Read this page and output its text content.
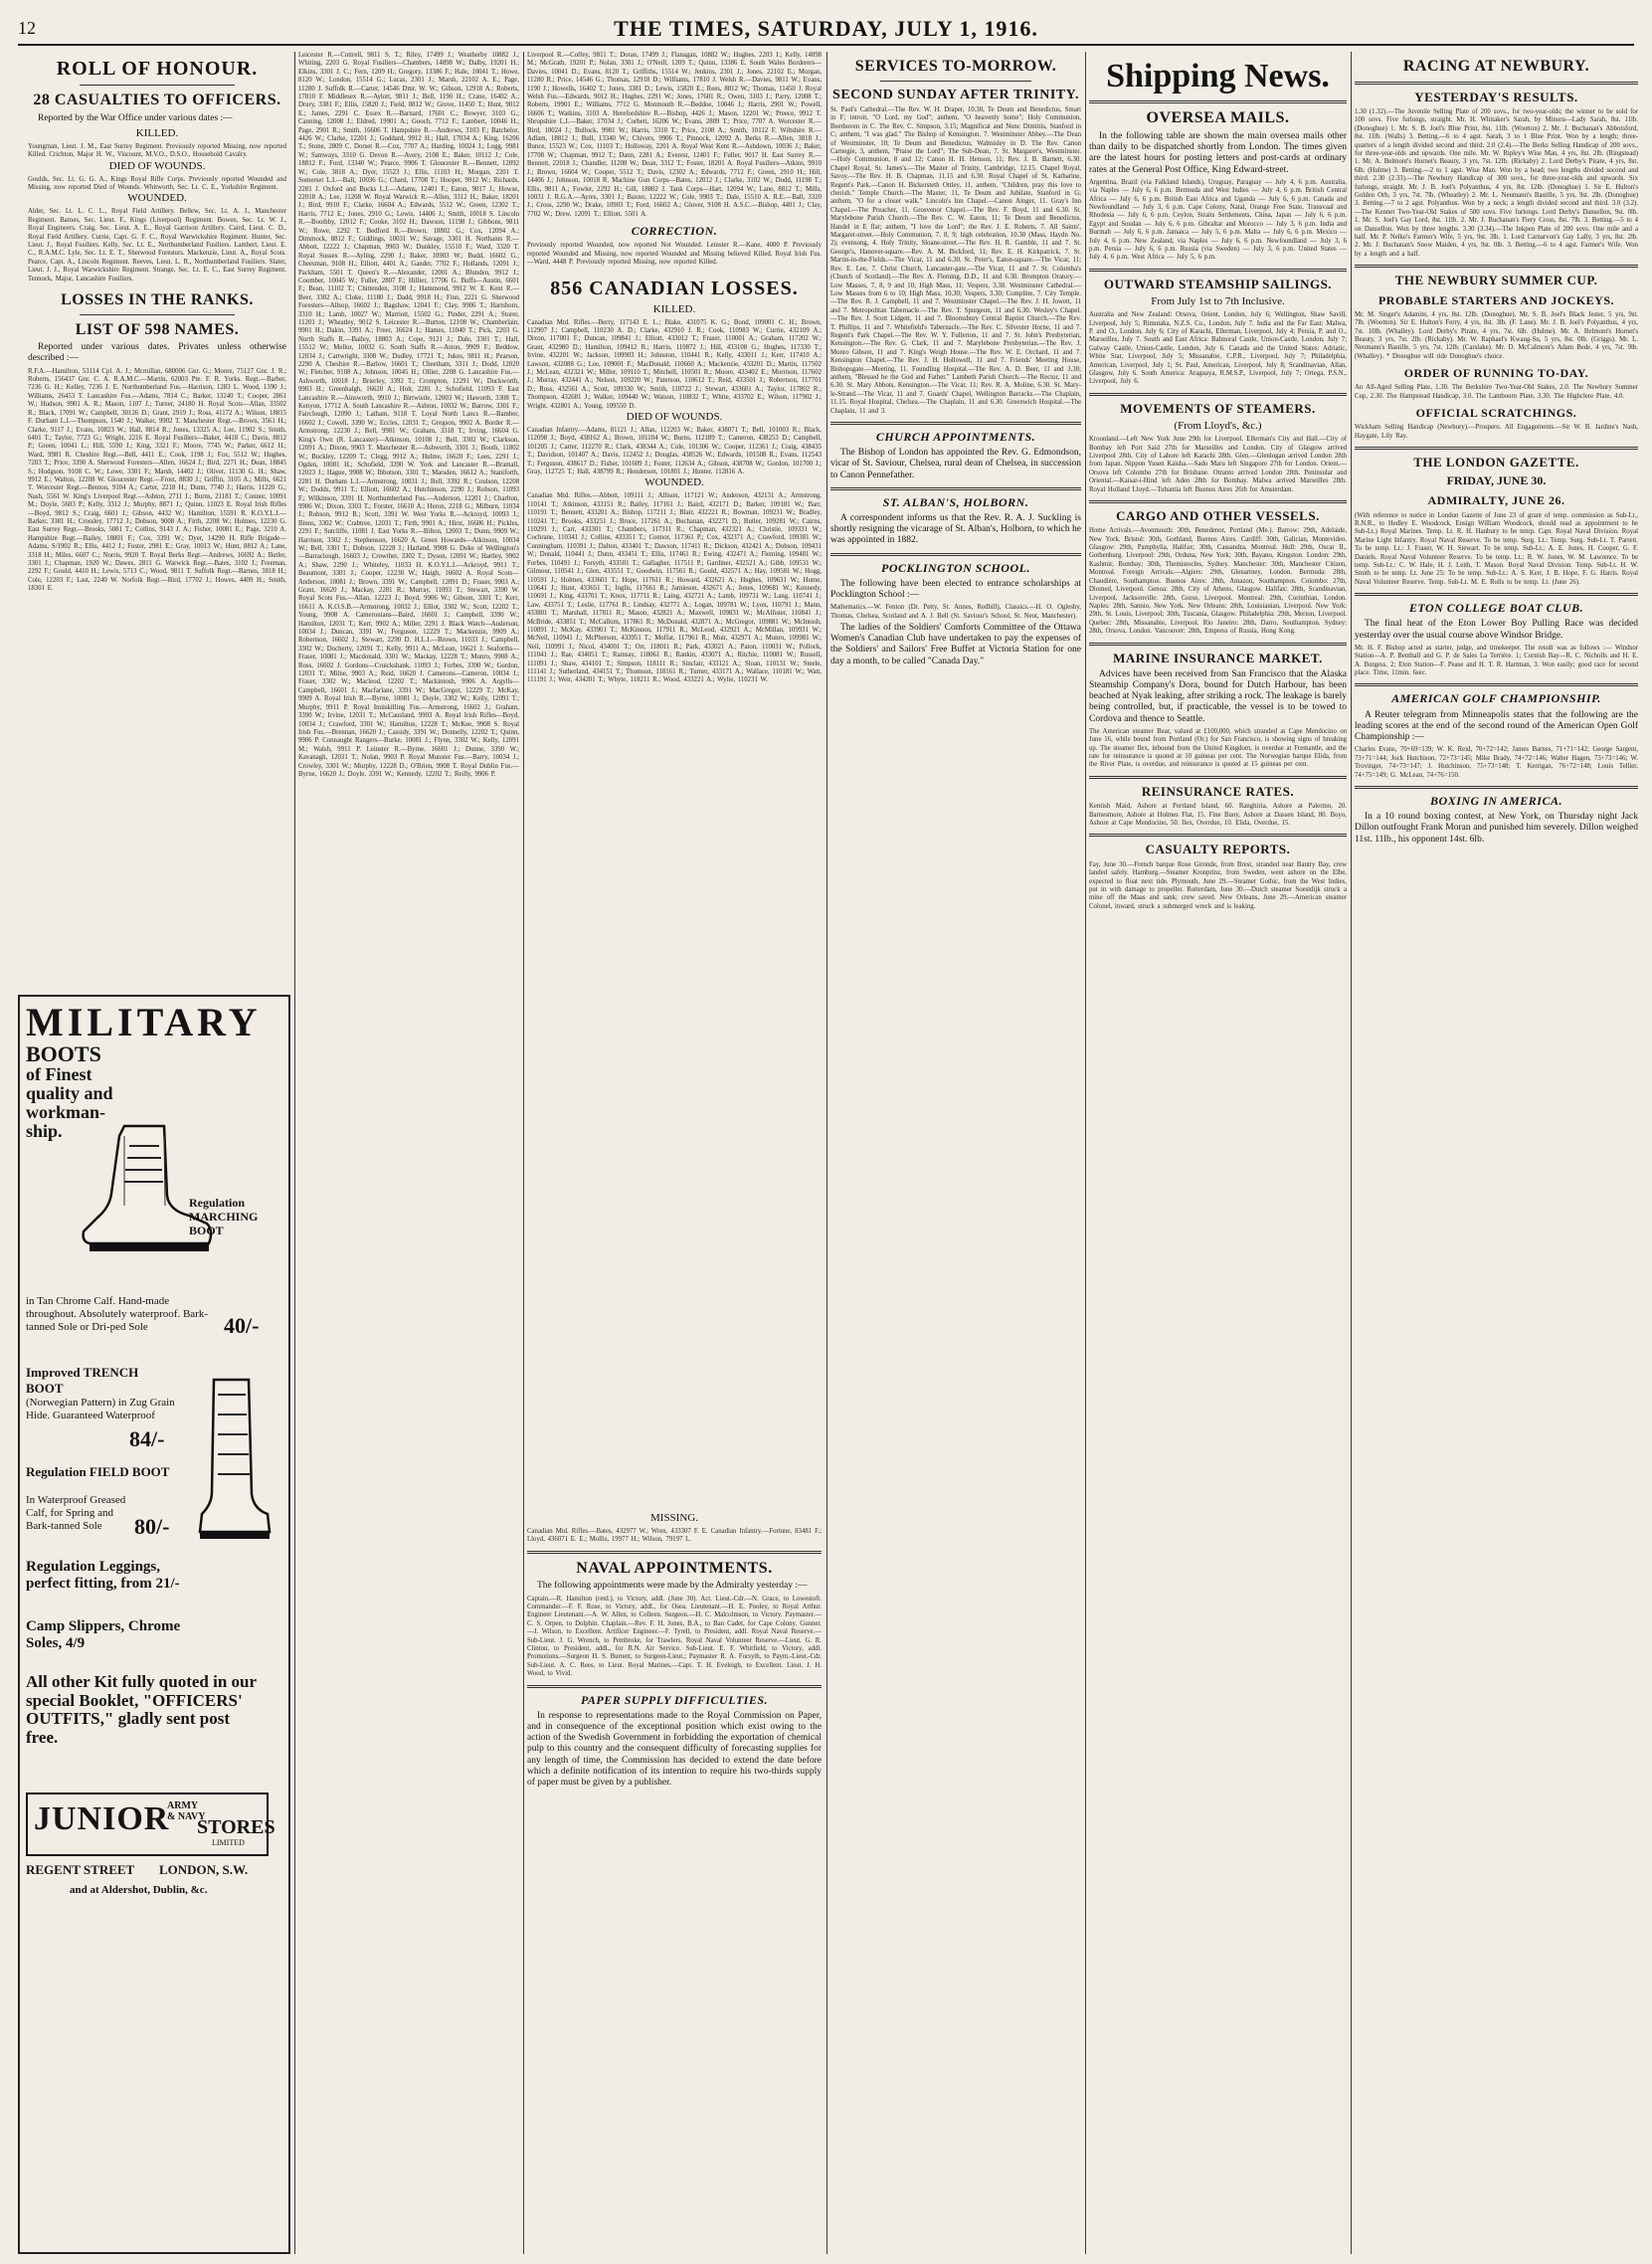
12	THE TIMES, SATURDAY, JULY 1, 1916.
ROLL OF HONOUR.
28 CASUALTIES TO OFFICERS.

Reported by the War Office under various dates :—

KILLED.

Youngman, Lieut. J. M., East Surrey Regiment. Previously reported Missing, now reported Killed. Crichton, Major H. W., Viscount, M.V.O., D.S.O., Household Cavalry.

DIED OF WOUNDS.

Goulds, Sec. Lt. G. G. A., Kings Royal Rifle Corps. Previously reported Wounded and Missing, now reported Died of Wounds. Whitworth, Sec. Lt. C. E., Yorkshire Regiment.

WOUNDED.

Alder, Sec. Lt. L. C. L., Royal Field Artillery. Bellew, Sec. Lt. A. J., Manchester Regiment. Barnes, Sec. Lieut. F., Kings (Liverpool) Regiment. Bowen, Sec. Lt. W. J., Royal Engineers. Craig, Sec. Lieut. A. E., Royal Garrison Artillery. Caird, Lieut. C. D., Royal Field Artillery. Currie, Capt. G. F. C., Royal Warwickshire Regiment. Hunter, Sec. Lieut. J., Royal Fusiliers. Kelly, Sec. Lt. E., Northumberland Fusiliers. Lambert, Lieut. E. C., R.A.M.C. Lyle, Sec. Lt. E. T., Sherwood Foresters. Mackenzie, Lieut. A., Royal Scots. Pearce, Capt. A., Lincoln Regiment. Reeves, Lieut. L. R., Northumberland Fusiliers. Slater, Lieut. J. J., Royal Warwickshire Regiment. Strange, Sec. Lt. E. C., East Surrey Regiment. Tennock, Major, Lancashire Fusiliers.

LOSSES IN THE RANKS.
LIST OF 598 NAMES.

Reported under various dates. Privates unless otherwise described :—

R.F.A.—Hamilton, 53114 Cpl. A. J.; Mcmillan, 680006 Gnr. G.; Moore, 75127 Gnr. J. R.; Roberts, 156437 Gnr. C. A. R.A.M.C.—Martin, 62003 Pte. F. R. Yorks. Regt.—Barber, 7236 G. H.; Kelley, 7236 J. E. Northumberland Fus.—Harrison, 1283 L. Wood, 1390 J.; Williams, 26453 T. Lancashire Fus.—Adams, 7814 C.; Barker, 13240 T.; Cooper, 2861 W.; Hudson, 9901 A. R.; Mason, 1107 J.; Turner, 24180 H. Royal Scots—Allan, 33502 R.; Black, 17091 W.; Campbell, 30126 D.; Grant, 2919 J.; Ross, 41172 A.; Wilson, 18815 F. Durham L.I.—Thompson, 1540 J.; Walker, 9902 T. Manchester Regt.—Brown, 3561 H.; Clarke, 9117 J.; Evans, 10823 W.; Hall, 8814 R.; Jones, 13325 A.; Lee, 11902 S.; Smith, 6401 T.; Taylor, 7723 G.; Wright, 2216 E. Royal Fusiliers—Baker, 4418 C.; Davis, 8812 P.; Green, 10041 L.; Hill, 5590 J.; King, 3321 F.; Moore, 7745 W.; Parker, 6612 H.; Ward, 9981 R. Cheshire Regt.—Bell, 4411 E.; Cook, 1198 J.; Fox, 5512 W.; Hughes, 7203 T.; Price, 3390 A. Sherwood Foresters—Allen, 16624 J.; Bird, 2271 H.; Dean, 18845 S.; Hodgson, 9108 C. W.; Lowe, 3301 F.; Marsh, 14402 J.; Oliver, 11130 G. H.; Shaw, 9912 E.; Walton, 12208 W. Gloucester Regt.—Frost, 8830 J.; Griffin, 3105 A.; Mills, 6621 T. Worcester Regt.—Benton, 9104 A.; Carter, 2218 H.; Dunn, 7740 J.; Harris, 11220 G.; Nash, 5561 W. King's Liverpool Regt.—Ashton, 2711 J.; Burns, 21181 T.; Connor, 10091 M.; Doyle, 5603 P.; Kelly, 3312 J.; Murphy, 8871 J.; Quinn, 11023 E. Royal Irish Rifles—Boyd, 9812 S.; Craig, 6601 J.; Gibson, 4432 W.; Hamilton, 15591 R. K.O.Y.L.I.—Barker, 3381 H.; Crossley, 17712 J.; Dobson, 9008 A.; Firth, 2208 W.; Holmes, 12230 G. East Surrey Regt.—Brooks, 5081 T.; Collins, 9143 J. A.; Fisher, 10081 E.; Page, 3210 A. Hampshire Regt.—Bailey, 18801 F.; Cox, 3391 W.; Dyer, 14290 H. Rifle Brigade—Adams, S/1902 R.; Ellis, 4412 J.; Foster, 2981 E.; Gray, 10013 W.; Hunt, 8812 A.; Lane, 3318 H.; Miles, 6607 C.; Norris, 9920 T. Royal Berks Regt.—Andrews, 16692 A.; Butler, 3301 J.; Chapman, 1920 W.; Dawes, 2811 G. Warwick Regt.—Bates, 3102 J.; Freeman, 2292 F.; Gould, 4410 H.; Lewis, 5713 C.; Wood, 9811 T. Suffolk Regt.—Barnes, 3818 H.; Cole, 12203 F.; Last, 2240 W. Norfolk Regt.—Bird, 17702 J.; Howes, 4409 H.; Smith, 18301 E.

MILITARY
BOOTS
of Finest
quality and
workman-
ship.
Regulation MARCHING BOOT
in Tan Chrome Calf. Hand-made throughout. Absolutely waterproof. Bark-tanned Sole or Dri-ped Sole	40/-
Improved TRENCH BOOT
(Norwegian Pattern) in Zug Grain Hide. Guaranteed Waterproof
84/-
Regulation FIELD BOOT
In Waterproof Greased Calf, for Spring and Bark-tanned Sole	80/-
Regulation Leggings, perfect fitting, from 21/-
Camp Slippers, Chrome Soles, 4/9
All other Kit fully quoted in our special Booklet, "OFFICERS' OUTFITS," gladly sent post free.
JUNIOR
ARMY & NAVY
STORES
LIMITED
REGENT STREET LONDON, S.W.
and at Aldershot, Dublin, &c.

Leicester R.—Cottrell, 9811 S. T.; Riley, 17499 J.; Weatherby 10882 J.; Whiting, 2203 G. Royal Fusiliers—Chambers, 14898 W.; Dalby, 19201 H.; Elkins, 3301 J. C.; Fern, 1209 H.; Gregory, 13386 F.; Hale, 10041 T.; Howe, 8120 W.; London, 15514 G.; Lucas, 2301 J.; Marsh, 22102 A. E.; Page, 11280 J. Suffolk R.—Carter, 14546 Dmr. W. W.; Gibson, 12918 A.; Roberts, 17810 F. Middlesex R.—Aylott, 9811 J.; Bell, 1190 H.; Crane, 16402 A.; Drury, 3381 F.; Ellis, 15820 J.; Field, 8812 W.; Grove, 11450 T.; Hunt, 9012 E.; James, 2291 C. Essex R.—Barnard, 17601 C.; Bowyer, 3103 G.; Canning, 12008 J.; Eldred, 19901 A.; Gooch, 7712 F.; Lambert, 10046 H.; Page, 2901 R.; Smith, 16606 T. Hampshire R.—Andrews, 3103 F.; Batchelor, 4426 W.; Clarke, 12201 J.; Goddard, 9912 H.; Hall, 17034 A.; King, 16206 T.; Stone, 2809 C. Dorset R.—Cox, 7707 A.; Harding, 10024 J.; Legg, 9981 W.; Samways, 3310 G. Devon R.—Avery, 2108 E.; Baker, 10112 J.; Cole, 18812 F.; Ford, 13340 W.; Pearce, 9906 T. Gloucester R.—Bennett, 12092 W.; Cole, 3818 A.; Dyer, 15523 J.; Ellis, 11103 H.; Morgan, 2201 T. Somerset L.I.—Ball, 10036 G.; Chard, 17708 T.; Hooper, 9912 W.; Richards, 2281 J. Oxford and Bucks L.I.—Adams, 12401 F.; Eaton, 9017 J.; Howse, 22018 A.; Lee, 11208 W. Royal Warwick R.—Allen, 3312 H.; Baker, 18201 J.; Bird, 9910 F.; Clarke, 16604 A.; Edwards, 5512 W.; Green, 12302 T.; Harris, 7712 E.; Jones, 2910 G.; Lewis, 14406 J.; Smith, 10018 S. Lincoln R.—Boothby, 12012 F.; Cooke, 3102 H.; Dawson, 11198 J.; Gibbons, 9811 W.; Rowe, 2292 T. Bedford R.—Brown, 18802 G.; Cox, 12094 A.; Dimmock, 8812 F.; Giddings, 10031 W.; Savage, 3301 H. Northants R.—Abbott, 12222 J.; Chapman, 9903 W.; Dunkley, 15510 F.; Ward, 3320 T. Royal Sussex R.—Ayling, 2290 J.; Baker, 10903 W.; Budd, 16602 G.; Cheesman, 9108 H.; Elliott, 4401 A.; Gander, 7702 F.; Hollands, 12091 J.; Packham, 5501 T. Queen's R.—Alexander, 12001 A.; Blunden, 9912 J.; Coomber, 10045 W.; Fuller, 2807 F.; Hillier, 17706 G. Buffs—Austin, 6601 F.; Bean, 11102 T.; Chittenden, 3108 J.; Hammond, 9912 W. E. Kent R.—Beer, 3302 A.; Cloke, 11180 J.; Dadd, 9918 H.; Finn, 2221 G. Sherwood Foresters—Allsop, 16602 J.; Bagshaw, 12041 F.; Clay, 9906 T.; Hartshorn, 3310 H.; Lamb, 10027 W.; Marriott, 15502 G.; Pinder, 2291 A.; Storer, 11201 J.; Wheatley, 9012 S. Leicester R.—Burton, 12108 W.; Chamberlain, 9901 H.; Dakin, 3391 A.; Freer, 16624 J.; Hames, 11040 T.; Pick, 2203 G. North Staffs R.—Bailey, 18803 A.; Cope, 9121 J.; Dale, 3301 T.; Hall, 15512 W.; Mellor, 10032 G. South Staffs R.—Aston, 9909 F.; Beddow, 12034 J.; Cartwright, 3308 W.; Dudley, 17721 T.; Jukes, 9811 H.; Pearson, 2290 A. Cheshire R.—Barlow, 16601 T.; Cheetham, 3311 J.; Dodd, 12020 W.; Fletcher, 9108 A.; Johnson, 10045 H.; Ollier, 2208 G. Lancashire Fus.—Ashworth, 10018 J.; Brierley, 3392 T.; Crompton, 12291 W.; Duckworth, 9903 H.; Greenhalgh, 16620 A.; Holt, 2281 J.; Schofield, 11093 F. East Lancashire R.—Ainsworth, 9910 J.; Birtwistle, 12003 W.; Haworth, 3308 T.; Kenyon, 17712 A. South Lancashire R.—Ashton, 10032 W.; Barrow, 3301 F.; Fairclough, 12090 J.; Latham, 9118 T. Loyal North Lancs R.—Bamber, 16602 J.; Cowell, 3390 W.; Eccles, 12031 T.; Gregson, 9902 A. Border R.—Armstrong, 12230 J.; Bell, 9901 W.; Graham, 3318 T.; Irving, 16604 G. King's Own (R. Lancaster)—Atkinson, 10108 J.; Bell, 3302 W.; Clarkson, 12091 A.; Dixon, 9903 T. Manchester R.—Ashworth, 3301 J.; Booth, 11802 W.; Buckley, 12209 T.; Clegg, 9912 A.; Hulme, 16620 F.; Lees, 2291 J.; Ogden, 10081 H.; Schofield, 3390 W. York and Lancaster R.—Bramall, 12023 J.; Hague, 9908 W.; Ibbotson, 3301 T.; Marsden, 16612 A.; Staniforth, 2281 H. Durham L.I.—Armstrong, 10031 J.; Bell, 3392 R.; Coulson, 12208 W.; Dodds, 9911 T.; Elliott, 16602 A.; Hutchinson, 2290 J.; Robson, 11093 F.; Wilkinson, 3391 H. Northumberland Fus.—Anderson, 12201 J.; Charlton, 9906 W.; Dixon, 3303 T.; Forster, 16610 A.; Heron, 2218 G.; Milburn, 11034 J.; Robson, 9912 R.; Scott, 3391 W. West Yorks R.—Ackroyd, 10093 J.; Binns, 3302 W.; Crabtree, 12031 T.; Firth, 9901 A.; Hirst, 16606 H.; Pickles, 2291 F.; Sutcliffe, 11081 J. East Yorks R.—Bilton, 12003 T.; Dunn, 9909 W.; Harrison, 3302 J.; Stephenson, 16620 A. Green Howards—Atkinson, 10034 W.; Bell, 3301 T.; Dobson, 12228 J.; Harland, 9908 G. Duke of Wellington's—Barraclough, 16603 J.; Crowther, 3302 T.; Dyson, 12091 W.; Hartley, 9902 A.; Shaw, 2290 J.; Whiteley, 11033 H. K.O.Y.L.I.—Ackroyd, 9911 T.; Beaumont, 3301 J.; Cooper, 12230 W.; Haigh, 16602 A. Royal Scots—Anderson, 10081 J.; Brown, 3391 W.; Campbell, 12091 D.; Fraser, 9903 A.; Grant, 16620 J.; Mackay, 2281 R.; Murray, 11093 T.; Stewart, 3390 W. Royal Scots Fus.—Allan, 12223 J.; Boyd, 9906 W.; Gibson, 3301 T.; Kerr, 16611 A. K.O.S.B.—Armstrong, 10032 J.; Elliot, 3302 W.; Scott, 12202 T.; Young, 9908 A. Cameronians—Baird, 16601 J.; Campbell, 3390 W.; Hamilton, 12031 T.; Kerr, 9902 A.; Miller, 2291 J. Black Watch—Anderson, 10034 J.; Duncan, 3391 W.; Ferguson, 12229 T.; Mackenzie, 9909 A.; Robertson, 16602 J.; Stewart, 2290 D. H.L.I.—Brown, 11033 J.; Campbell, 3302 W.; Docherty, 12091 T.; Kelly, 9911 A.; McLean, 16621 J. Seaforths—Fraser, 10081 J.; Macdonald, 3301 W.; Mackay, 12228 T.; Munro, 9908 A.; Ross, 16602 J. Gordons—Cruickshank, 11093 J.; Forbes, 3390 W.; Gordon, 12031 T.; Milne, 9903 A.; Reid, 16620 J. Camerons—Cameron, 10034 J.; Fraser, 3302 W.; Macleod, 12202 T.; Mackintosh, 9906 A. Argylls—Campbell, 16601 J.; Macfarlane, 3391 W.; MacGregor, 12229 T.; McKay, 9909 A. Royal Irish R.—Byrne, 10081 J.; Doyle, 3302 W.; Kelly, 12091 T.; Murphy, 9911 P. Royal Inniskilling Fus.—Armstrong, 16602 J.; Graham, 3390 W.; Irvine, 12031 T.; McCausland, 9903 A. Royal Irish Rifles—Boyd, 10034 J.; Crawford, 3301 W.; Hamilton, 12228 T.; McKee, 9908 S. Royal Irish Fus.—Brennan, 16620 J.; Cassidy, 3391 W.; Donnelly, 12202 T.; Quinn, 9906 P. Connaught Rangers—Burke, 10081 J.; Flynn, 3302 W.; Kelly, 12091 M.; Walsh, 9911 P. Leinster R.—Byrne, 16601 J.; Dunne, 3390 W.; Kavanagh, 12031 T.; Nolan, 9903 P. Royal Munster Fus.—Barry, 10034 J.; Crowley, 3301 W.; Murphy, 12228 D.; O'Brien, 9908 T. Royal Dublin Fus.—Byrne, 16620 J.; Doyle, 3391 W.; Kennedy, 12202 T.; Reilly, 9906 P.

Liverpool R.—Coffey, 9811 T.; Doran, 17499 J.; Flanagan, 10882 W.; Hughes, 2203 J.; Kelly, 14898 M.; McGrath, 19201 P.; Nolan, 3301 J.; O'Neill, 1209 T.; Quinn, 13386 E. South Wales Borderers—Davies, 10041 D.; Evans, 8120 T.; Griffiths, 15514 W.; Jenkins, 2301 J.; Jones, 22102 E.; Morgan, 11280 R.; Price, 14546 G.; Thomas, 12918 D.; Williams, 17810 J. Welsh R.—Davies, 9811 W.; Evans, 1190 J.; Howells, 16402 T.; Jones, 3381 D.; Lewis, 15820 E.; Rees, 8812 W.; Thomas, 11450 J. Royal Welsh Fus.—Edwards, 9012 H.; Hughes, 2291 W.; Jones, 17601 R.; Owen, 3103 J.; Parry, 12008 T.; Roberts, 19901 E.; Williams, 7712 G. Monmouth R.—Beddoe, 10046 J.; Harris, 2901 W.; Powell, 16606 T.; Watkins, 3103 A. Herefordshire R.—Bishop, 4426 J.; Mason, 12201 W.; Preece, 9912 T. Shropshire L.I.—Baker, 17034 J.; Corbett, 16206 W.; Evans, 2809 T.; Price, 7707 A. Worcester R.—Bird, 10024 J.; Bullock, 9981 W.; Harris, 3310 T.; Price, 2108 A.; Smith, 10112 F. Wiltshire R.—Adlam, 18812 J.; Bull, 13340 W.; Chivers, 9906 T.; Pinnock, 12092 A. Berks R.—Allen, 3818 J.; Bunce, 15523 W.; Cox, 11103 T.; Holloway, 2201 A. Royal West Kent R.—Ashdown, 10036 J.; Baker, 17708 W.; Chapman, 9912 T.; Dann, 2281 A.; Everest, 12401 F.; Fuller, 9017 H. East Surrey R.—Bennett, 22018 J.; Chandler, 11208 W.; Dean, 3312 T.; Foster, 18201 A. Royal Fusiliers—Atkins, 9910 J.; Brown, 16604 W.; Cooper, 5512 T.; Davis, 12302 A.; Edwards, 7712 F.; Green, 2910 H.; Hill, 14406 J.; Johnson, 10018 R. Machine Gun Corps—Bates, 12012 J.; Clarke, 3102 W.; Dodd, 11198 T.; Ellis, 9811 A.; Fowler, 2292 H.; Gill, 18802 J. Tank Corps—Hart, 12094 W.; Lane, 8812 T.; Mills, 10031 J. R.G.A.—Ayres, 3301 J.; Baxter, 12222 W.; Cole, 9903 T.; Dale, 15510 A. R.E.—Ball, 3320 J.; Cross, 2290 W.; Drake, 10903 T.; Ford, 16602 A.; Glover, 9108 H. A.S.C.—Bishop, 4401 J.; Clay, 7702 W.; Drew, 12091 T.; Elliott, 5501 A.

CORRECTION.

Previously reported Wounded, now reported Not Wounded. Leinster R.—Kane, 4000 P. Previously reported Wounded and Missing, now reported Wounded and Missing believed Killed. Royal Irish Fus.—Ward, 4448 P. Previously reported Missing, now reported Killed.

856 CANADIAN LOSSES.
KILLED.

Canadian Mtd. Rifles.—Berry, 117143 E. L.; Blake, 431075 K. G.; Bond, 109001 C. H.; Brown, 112907 J.; Campbell, 110230 A. D.; Clarke, 432910 J. R.; Cook, 110983 W.; Currie, 432109 A.; Dixon, 117001 F.; Duncan, 109841 J.; Elliott, 433012 T.; Fraser, 110001 A.; Graham, 117202 W.; Grant, 432980 D.; Hamilton, 109412 R.; Harris, 110872 J.; Hill, 433108 G.; Hughes, 117330 T.; Irvine, 432201 W.; Jackson, 109903 H.; Johnston, 110441 R.; Kelly, 433011 J.; Kerr, 117410 A.; Lawson, 432088 G.; Lee, 109001 F.; MacDonald, 110660 A.; Mackenzie, 433201 D.; Martin, 117502 J.; McLean, 432321 W.; Miller, 109110 T.; Mitchell, 110501 R.; Moore, 433402 E.; Morrison, 117602 J.; Murray, 432441 A.; Nelson, 109220 W.; Paterson, 110612 T.; Reid, 433501 J.; Robertson, 117701 D.; Ross, 432561 A.; Scott, 109330 W.; Smith, 110722 J.; Stewart, 433601 A.; Taylor, 117802 R.; Thompson, 432681 J.; Walker, 109440 W.; Watson, 110832 T.; White, 433702 E.; Wilson, 117902 J.; Wright, 432801 A.; Young, 109550 D.

DIED OF WOUNDS.

Canadian Infantry.—Adams, 81121 J.; Allan, 112203 W.; Baker, 438071 T.; Bell, 101003 R.; Black, 112098 J.; Boyd, 438162 A.; Brown, 101104 W.; Burns, 112189 T.; Cameron, 438253 D.; Campbell, 101205 J.; Carter, 112270 R.; Clark, 438344 A.; Cole, 101306 W.; Cooper, 112361 J.; Craig, 438435 T.; Davidson, 101407 A.; Davis, 112452 J.; Douglas, 438526 W.; Edwards, 101508 R.; Evans, 112543 T.; Ferguson, 438617 D.; Fisher, 101609 J.; Foster, 112634 A.; Gibson, 438708 W.; Gordon, 101700 J.; Gray, 112725 T.; Hall, 438799 R.; Henderson, 101801 J.; Hunter, 112816 A.

WOUNDED.

Canadian Mtd. Rifles.—Abbott, 109111 J.; Allison, 117121 W.; Anderson, 432131 A.; Armstrong, 110141 T.; Atkinson, 433151 R.; Bailey, 117161 J.; Baird, 432171 D.; Barker, 109181 W.; Barr, 110191 T.; Bennett, 433201 A.; Bishop, 117211 J.; Blair, 432221 R.; Bowman, 109231 W.; Bradley, 110241 T.; Brooks, 433251 J.; Bruce, 117261 A.; Buchanan, 432271 D.; Butler, 109281 W.; Cairns, 110291 J.; Carr, 433301 T.; Chambers, 117311 R.; Chapman, 432321 A.; Christie, 109331 W.; Cochrane, 110341 J.; Collins, 433351 T.; Connor, 117361 P.; Cox, 432371 A.; Crawford, 109381 W.; Cunningham, 110391 J.; Dalton, 433401 T.; Dawson, 117411 R.; Dickson, 432421 A.; Dobson, 109431 W.; Donald, 110441 J.; Dunn, 433451 T.; Ellis, 117461 R.; Ewing, 432471 A.; Fleming, 109481 W.; Forbes, 110491 J.; Forsyth, 433501 T.; Gallagher, 117511 P.; Gardiner, 432521 A.; Gibb, 109531 W.; Gilmour, 110541 J.; Glen, 433551 T.; Goodwin, 117561 R.; Gould, 432571 A.; Hay, 109581 W.; Hogg, 110591 J.; Holmes, 433601 T.; Hope, 117611 R.; Howard, 432621 A.; Hughes, 109631 W.; Hume, 110641 J.; Hunt, 433651 T.; Inglis, 117661 R.; Jamieson, 432671 A.; Jones, 109681 W.; Kennedy, 110691 J.; King, 433701 T.; Knox, 117711 R.; Laing, 432721 A.; Lamb, 109731 W.; Lang, 110741 J.; Law, 433751 T.; Leslie, 117761 R.; Lindsay, 432771 A.; Logan, 109781 W.; Lyon, 110791 J.; Mann, 433801 T.; Marshall, 117811 R.; Mason, 432821 A.; Maxwell, 109831 W.; McAllister, 110841 J.; McBride, 433851 T.; McCallum, 117861 R.; McDonald, 432871 A.; McGregor, 109881 W.; McIntosh, 110891 J.; McKay, 433901 T.; McKinnon, 117911 R.; McLeod, 432921 A.; McMillan, 109931 W.; McNeil, 110941 J.; McPherson, 433951 T.; Moffat, 117961 R.; Muir, 432971 A.; Munro, 109981 W.; Neil, 110991 J.; Nicol, 434001 T.; Orr, 118011 R.; Park, 433021 A.; Paton, 110031 W.; Pollock, 111041 J.; Rae, 434051 T.; Ramsay, 118061 R.; Rankin, 433071 A.; Ritchie, 110081 W.; Russell, 111091 J.; Shaw, 434101 T.; Simpson, 118111 R.; Sinclair, 433121 A.; Sloan, 110131 W.; Steele, 111141 J.; Sutherland, 434151 T.; Thomson, 118161 R.; Turner, 433171 A.; Wallace, 110181 W.; Watt, 111191 J.; Weir, 434201 T.; Whyte, 118211 R.; Wood, 433221 A.; Wylie, 110231 W.

MISSING.

Canadian Mtd. Rifles.—Bates, 432977 W.; Wren, 433307 F. E. Canadian Infantry.—Fortune, 83481 F.; Lloyd, 436071 E. E.; Mollis, 19977 H.; Wilson, 79197 L.

NAVAL APPOINTMENTS.

The following appointments were made by the Admiralty yesterday :—

Captain.—R. Hamilton (retd.), to Victory, addl. (June 30). Act. Lieut.-Cdr.—N. Grace, to Lowestoft. Commander.—F. F. Rose, to Victory, addl., for Osea. Lieutenant.—H. E. Pooley, to Royal Arthur. Engineer Lieutenant.—A. W. Allen, to Colleen. Surgeon.—H. C. Malcolmson, to Victory. Paymaster.—C. S. Orpen, to Dolphin. Chaplain.—Rev. F. H. Jones, B.A., to Ban Cadet, for Cape Colony. Gunner.—J. Wilson, to Excellent. Artificer Engineer.—F. Tyrell, to President, addl. Royal Naval Reserve.—Sub-Lieut. J. G. Wrench, to Pembroke, for Trawlers. Royal Naval Volunteer Reserve.—Lieut. G. R. Clinton, to President, addl., for R.N. Air Service. Sub-Lieut. E. F. Whitfield, to Victory, addl. Promotions.—Surgeon H. S. Burnett, to Surgeon-Lieut.; Paymaster R. A. Forsyth, to Paym.-Lieut.-Cdr. Sub-Lieut. A. C. Rees, to Lieut. Royal Marines.—Capt. T. H. Eveleigh, to Excellent. Lieut. J. H. Wood, to Vivid.

PAPER SUPPLY DIFFICULTIES.

In response to representations made to the Royal Commission on Paper, and in consequence of the exceptional position which exist owing to the action of the Swedish Government in forbidding the exportation of chemical pulp to this country and the consequent difficulty of forecasting supplies for any length of time, the Commission has decided to extend the date before which a definite notification of its intention to require his two-thirds supply of paper must be given by a publisher.

SERVICES TO-MORROW.
SECOND SUNDAY AFTER TRINITY.

St. Paul's Cathedral.—The Rev. W. H. Draper, 10.30, Te Deum and Benedictus, Smart in F; introit, "O Lord, my God"; anthem, "O heavenly home"; Holy Communion, Beethoven in C. The Rev. C. Simpson, 3.15; Magnificat and Nunc Dimittis, Stanford in C; anthem, "I was glad." The Bishop of Kensington, 7. Westminster Abbey.—The Dean of Westminster, 10; Te Deum and Benedictus, Walmisley in D. The Rev. Canon Carnegie, 3, anthem, "Praise the Lord"; The Sub-Dean, 7. St. Margaret's, Westminster.—Holy Communion, 8 and 12; Canon H. H. Henson, 11; Rev. J. B. Barnett, 6.30. Chapel Royal, St. James's.—The Master of Trinity, Cambridge, 12.15. Chapel Royal, Savoy.—The Rev. H. B. Chapman, 11.15 and 6.30. Royal Chapel of St. Katharine, Regent's Park.—Canon H. Bickersteth Ottley, 11, anthem, "Children, pray this love to cherish." Temple Church.—The Master, 11, Te Deum and Jubilate, Stanford in G; anthem, "O for a closer walk." Lincoln's Inn Chapel.—Canon Ainger, 11. Gray's Inn Chapel.—The Preacher, 11. Grosvenor Chapel.—The Rev. F. Boyd, 11 and 6.30. St. Marylebone Parish Church.—The Rev. C. W. Eaton, 11; Te Deum and Benedictus, Handel in E flat; anthem, "I love the Lord"; the Rev. J. E. Roberts, 7. All Saints', Margaret-street.—Holy Communion, 7, 8, 9; high celebration, 10.30 (Mass, Haydn No. 2); evensong, 4. Holy Trinity, Sloane-street.—The Rev. H. R. Gamble, 11 and 7. St. George's, Hanover-square.—Rev. A. M. Bickford, 11; Rev. E. H. Kirkpatrick, 7. St. Martin-in-the-Fields.—The Vicar, 11 and 6.30. St. Peter's, Eaton-square.—The Vicar, 11; Rev. E. Lee, 7. Christ Church, Lancaster-gate.—The Vicar, 11 and 7. St. Columba's (Church of Scotland).—The Rev. A. Fleming, D.D., 11 and 6.30. Brompton Oratory.—Low Masses, 7, 8, 9 and 10; High Mass, 11; Vespers, 3.30. Westminster Cathedral.—Low Masses from 6 to 10; High Mass, 10.30; Vespers, 3.30; Compline, 7. City Temple.—The Rev. R. J. Campbell, 11 and 7. Westminster Chapel.—The Rev. J. H. Jowett, 11 and 7. Metropolitan Tabernacle.—The Rev. T. Spurgeon, 11 and 6.30. Wesley's Chapel.—The Rev. J. Scott Lidgett, 11 and 7. Bloomsbury Central Baptist Church.—The Rev. T. Phillips, 11 and 7. Whitefield's Tabernacle.—The Rev. C. Silvester Horne, 11 and 7. Regent's Park Chapel.—The Rev. W. Y. Fullerton, 11 and 7. St. John's Presbyterian, Kensington.—The Rev. G. Clark, 11 and 7. Marylebone Presbyterian.—The Rev. J. Monro Gibson, 11 and 7. King's Weigh House.—The Rev. W. E. Orchard, 11 and 7. Kensington Chapel.—The Rev. J. H. Hollowell, 11 and 7. Friends' Meeting House, Bishopsgate.—Meeting, 11. Foundling Hospital.—The Rev. A. D. Beer, 11 and 3.30; anthem, "Blessed be the God and Father." Lambeth Parish Church.—The Rector, 11 and 6.30. St. Mary Abbots, Kensington.—The Vicar, 11; Rev. R. A. Moline, 6.30. St. Mary-le-Strand.—The Vicar, 11 and 7. Guards' Chapel, Wellington Barracks.—The Chaplain, 11.15. Royal Hospital, Chelsea.—The Chaplain, 11 and 6.30. Greenwich Hospital.—The Chaplain, 11 and 3.

CHURCH APPOINTMENTS.

The Bishop of London has appointed the Rev. G. Edmondson, vicar of St. Saviour, Chelsea, rural dean of Chelsea, in succession to Canon Pennefather.

ST. ALBAN'S, HOLBORN.

A correspondent informs us that the Rev. R. A. J. Suckling is shortly resigning the vicarage of St. Alban's, Holborn, to which he was appointed in 1882.

POCKLINGTON SCHOOL.

The following have been elected to entrance scholarships at Pocklington School :—

Mathematics.—W. Fenton (Dr. Petty, St. Annes, Redhill), Classics.—H. O. Oglesby, Thomas, Chelsea, Scotland and A. J. Bell (St. Saviour's School, St. Neot, Manchester).

The ladies of the Soldiers' Comforts Committee of the Ottawa Women's Canadian Club have undertaken to pay the expenses of the Soldiers' and Sailors' Free Buffet at Victoria Station for one day a month, to be called "Canada Day."

Shipping News.
OVERSEA MAILS.

In the following table are shown the main oversea mails other than daily to be dispatched shortly from London. The times given are the latest hours for posting letters and post-cards at ordinary rates at the General Post Office, King Edward-street.

Argentina, Brazil (via Falkland Islands), Uruguay, Paraguay — July 4, 6 p.m. Australia, via Naples — July 6, 6 p.m. Bermuda and West Indies — July 4, 6 p.m. British Central Africa — July 6, 6 p.m. British East Africa and Uganda — July 6, 6 p.m. Canada and Newfoundland — July 3, 6 p.m. Cape Colony, Natal, Orange Free State, Transvaal and Rhodesia — July 6, 6 p.m. Ceylon, Straits Settlements, China, Japan — July 6, 6 p.m. Egypt and Soudan — July 6, 6 p.m. Gibraltar and Morocco — July 3, 6 p.m. India and Burmah — July 6, 6 p.m. Jamaica — July 5, 6 p.m. Malta — July 6, 6 p.m. Mexico — July 4, 6 p.m. New Zealand, via Naples — July 6, 6 p.m. Newfoundland — July 3, 6 p.m. Persia — July 6, 6 p.m. Russia (via Sweden) — July 3, 6 p.m. United States — July 4, 6 p.m. West Africa — July 5, 6 p.m.

OUTWARD STEAMSHIP SAILINGS.
From July 1st to 7th Inclusive.

Australia and New Zealand: Orsova, Orient, London, July 6; Wellington, Shaw Savill, Liverpool, July 5; Rimutaka, N.Z.S. Co., London, July 7. India and the Far East: Malwa, P. and O., London, July 6; City of Karachi, Ellerman, Liverpool, July 4; Persia, P. and O., Marseilles, July 7. South and East Africa: Balmoral Castle, Union-Castle, London, July 7; Galway Castle, Union-Castle, London, July 6. Canada and the United States: Adriatic, White Star, Liverpool, July 5; Missanabie, C.P.R., Liverpool, July 7; Philadelphia, American, Liverpool, July 1; St. Paul, American, Liverpool, July 8; Scandinavian, Allan, Glasgow, July 6. South America: Araguaya, R.M.S.P., Liverpool, July 7; Ortega, P.S.N., Liverpool, July 6.

MOVEMENTS OF STEAMERS.
(From Lloyd's, &c.)

Kroonland.—Left New York June 29th for Liverpool. Ellerman's City and Hall.—City of Bombay left Port Said 27th for Marseilles and London. City of Glasgow arrived Liverpool 28th. City of Lahore left Karachi 28th. Glen.—Glenlogan arrived London 28th from Japan. Nippon Yusen Kaisha.—Sado Maru left Singapore 27th for London. Orient.—Orsova left Colombo 27th for Brisbane. Otranto arrived London 28th. Peninsular and Oriental.—Kaisar-i-Hind left Aden 28th for Bombay. Malwa arrived Marseilles 28th. Royal Holland Lloyd.—Tubantia left Buenos Aires 26th for Amsterdam.

CARGO AND OTHER VESSELS.

Home Arrivals.—Avonmouth: 30th, Benedenor, Portland (Me.). Barrow: 29th, Adelaide, New York. Bristol: 30th, Gothland, Buenos Aires. Cardiff: 30th, Galician, Montevideo. Glasgow: 29th, Pamphylia, Halifax; 30th, Cassandra, Montreal. Hull: 29th, Oscar II., Gothenburg. Liverpool: 29th, Orduna, New York; 30th, Bayano, Kingston. London: 29th, Kashmir, Bombay; 30th, Themistocles, Sydney. Manchester: 30th, Manchester Citizen, Montreal. Foreign Arrivals.—Algiers: 29th, Glenartney, London. Bermuda: 28th, Chaudière, Southampton. Buenos Aires: 28th, Amazon, Southampton. Colombo: 27th, Diomed, Liverpool. Genoa: 28th, City of Athens, Glasgow. Halifax: 28th, Scandinavian, Liverpool. Jacksonville: 28th, Gorse, Liverpool. Montreal: 29th, Corinthian, London. Naples: 28th, Sannio, New York. New Orleans: 28th, Louisianian, Liverpool. New York: 29th, St. Louis, Liverpool; 30th, Tuscania, Glasgow. Philadelphia: 29th, Merion, Liverpool. Quebec: 28th, Missanabie, Liverpool. Rio Janeiro: 28th, Darro, Southampton. Sydney: 28th, Orsova, London. Vancouver: 28th, Empress of Russia, Hong Kong.

MARINE INSURANCE MARKET.

Advices have been received from San Francisco that the Alaska Steamship Company's Dora, bound for Dutch Harbour, has been beached at Nyak leaking, after striking a rock. The leakage is barely being controlled, but, if practicable, the vessel is to be towed to Cordova and thence to Seattle.

The American steamer Bear, valued at £100,000, which stranded at Cape Mendocino on June 16, while bound from Portland (Or.) for San Francisco, is showing signs of breaking up. The steamer Ilex, inbound from the United Kingdom, is overdue at Fremantle, and the rate for reinsurance is quoted at 10 guineas per cent. The Norwegian barque Elida, from the River Plate, is overdue, and reinsurance is quoted at 15 guineas per cent.

REINSURANCE RATES.

Kentish Maid, Ashore at Portland Island, 60. Ranghiria, Ashore at Palermo, 20. Barnesmore, Ashore at Holmes Flat, 15. Fine Buoy, Ashore at Dassen Island, 80. Boyo, Ashore at Cape Mendocino, 50. Ilex, Overdue, 10. Elida, Overdue, 15.

CASUALTY REPORTS.

Fay, June 30.—French barque Rose Gironde, from Brest, stranded near Bantry Bay, crew landed safely. Hamburg.—Steamer Kronprinz, from Sweden, went ashore on the Elbe, expected to float next tide. Plymouth, June 29.—Steamer Gothic, from the West Indies, put in with damage to propeller. Rotterdam, June 30.—Dutch steamer Soestdijk struck a mine off the Maas and sank; crew saved. New Orleans, June 29.—American steamer Colonel, inward, struck a submerged wreck and is leaking.

RACING AT NEWBURY.
YESTERDAY'S RESULTS.

1.30 (1.32).—The Juvenile Selling Plate of 200 sovs., for two-year-olds; the winner to be sold for 100 sovs. Five furlongs, straight. Mr. H. Whitaker's Sarah, by Minoru—Lady Sarah, 8st. 11lb. (Donoghue) 1. Mr. S. B. Joel's Blue Print, 8st. 11lb. (Wootton) 2. Mr. J. Buchanan's Abbotsford, 8st. 11lb. (Walls) 3. Betting.—6 to 4 agst. Sarah, 3 to 1 Blue Print. Won by a length; three-quarters of a length divided second and third. 2.0 (2.4).—The Berks Selling Handicap of 200 sovs., for three-year-olds and upwards. One mile. Mr. W. Ripley's Wise Man, 4 yrs, 8st. 2lb. (Ringstead) 1. Mr. A. Belmont's Hornet's Beauty, 3 yrs, 7st. 12lb. (Rickaby) 2. Lord Derby's Pirate, 4 yrs, 8st. 6lb. (Hulme) 3. Betting.—2 to 1 agst. Wise Man. Won by a head; two lengths divided second and third. 2.30 (2.33).—The Newbury Handicap of 300 sovs., for three-year-olds and upwards. Six furlongs, straight. Mr. J. B. Joel's Polyanthus, 4 yrs, 8st. 12lb. (Donoghue) 1. Sir E. Hulton's Golden Orb, 3 yrs, 7st. 7lb. (Wheatley) 2. Mr. L. Neumann's Bastille, 5 yrs, 9st. 2lb. (Donoghue) 3. Betting.—7 to 2 agst. Polyanthus. Won by a neck; a length divided second and third. 3.0 (3.2).—The Kennet Two-Year-Old Stakes of 500 sovs. Five furlongs. Lord Derby's Dansellon, 9st. 0lb. 1. Mr. S. Joel's Gay Lord, 8st. 11lb. 2. Mr. J. Buchanan's Fiery Cross, 8st. 7lb. 3. Betting.—5 to 4 on Dansellon. Won by three lengths. 3.30 (3.34).—The Inkpen Plate of 200 sovs. One mile and a half. Mr. P. Nelke's Farmer's Wife, 5 yrs, 9st. 3lb. 1. Lord Carnarvon's Gay Lally, 3 yrs, 8st. 2lb. 2. Mr. J. Buchanan's Snow Maiden, 4 yrs, 9st. 0lb. 3. Betting.—6 to 4 agst. Farmer's Wife. Won by a length and a half.

THE NEWBURY SUMMER CUP.
PROBABLE STARTERS AND JOCKEYS.

Mr. M. Singer's Adamite, 4 yrs, 8st. 12lb. (Donoghue). Mr. S. B. Joel's Black Jester, 5 yrs, 9st. 7lb. (Wootton). Sir E. Hulton's Ferry, 4 yrs, 8st. 3lb. (F. Lane). Mr. J. B. Joel's Polyanthus, 4 yrs, 7st. 10lb. (Whalley). Lord Derby's Pirate, 4 yrs, 7st. 6lb. (Hulme). Mr. A. Belmont's Hornet's Beauty, 3 yrs, 7st. 2lb. (Rickaby). Mr. W. Raphael's Kwang-Su, 5 yrs, 8st. 0lb. (Griggs). Mr. L. Neumann's Bastille, 5 yrs, 7st. 12lb. (Carslake). Mr. D. McCalmont's Adam Bede, 4 yrs, 7st. 9lb. (Whalley). * Donoghue will ride Donoghue's choice.

ORDER OF RUNNING TO-DAY.

An All-Aged Selling Plate, 1.30. The Berkshire Two-Year-Old Stakes, 2.0. The Newbury Summer Cup, 2.30. The Hampstead Handicap, 3.0. The Lambourn Plate, 3.30. The Highclere Plate, 4.0.

OFFICIAL SCRATCHINGS.

Wickham Selling Handicap (Newbury).—Prospero. All Engagements.—Sir W. B. Jardine's Nash, Haygate, Lily Ray.

THE LONDON GAZETTE.
FRIDAY, JUNE 30.
ADMIRALTY, JUNE 26.

(With reference to notice in London Gazette of June 23 of grant of temp. commission as Sub-Lt., R.N.R., to Hedley E. Woodcock, Ensign William Woodcock, should read as appointment to be Sub-Lt.) Royal Marines. Temp. Lt. R. H. Hanbury to be temp. Capt. Royal Naval Division. Royal Marine Light Infantry. Royal Naval Reserve. To be temp. Surg. Lt.: Temp. Surg. Sub-Lt. T. Parrett. To be temp. Lt.: J. Fraser, W. H. Stewart. To be temp. Sub-Lt.: A. E. Jones, H. Cooper, G. F. Daniels. Royal Naval Volunteer Reserve. To be temp. Lt.: R. W. Jones, W. M. Lawrence. To be temp. Sub-Lt.: C. W. Hale, H. J. Leith, T. Mason. Royal Naval Division. Temp. Sub-Lt. H. W. Smith to be temp. Lt. June 25: To be temp. Sub-Lt.: A. S. Kerr, J. B. Hope, F. G. Harris. Royal Naval Volunteer Reserve. Temp. Sub-Lt. M. E. Rolls to be temp. Lt. (June 26).

ETON COLLEGE BOAT CLUB.

The final heat of the Eton Lower Boy Pulling Race was decided yesterday over the usual course above Windsor Bridge.

Mr. H. F. Bishop acted as starter, judge, and timekeeper. The result was as follows :— Windsor Station—A. P. Benthall and G. P. de Sales La Terrière. 1; Cornish Bay—R. C. Nicholls and H. E. A. Burgess, 2; Eton Station—F. Pease and H. T. R. Hartman, 3. Won easily; good race for second place. Time, 11min. 6sec.

AMERICAN GOLF CHAMPIONSHIP.

A Reuter telegram from Minneapolis states that the following are the leading scores at the end of the second round of the American Open Golf Championship :—

Charles Evans, 70+69=139; W. K. Reid, 70+72=142; James Barnes, 71+71=142; George Sargent, 73+71=144; Jock Hutchison, 72+73=145; Mike Brady, 74+72=146; Walter Hagen, 73+73=146; W. Trovinger, 74+73=147; J. Hutchinson, 75+73=148; T. Kerrigan, 76+72=148; Louis Tellier, 74+75=149; G. McLean, 74+76=150.

BOXING IN AMERICA.

In a 10 round boxing contest, at New York, on Thursday night Jack Dillon outfought Frank Moran and punished him severely. Dillon weighed 11st. 11lb., his opponent 14st. 6lb.
